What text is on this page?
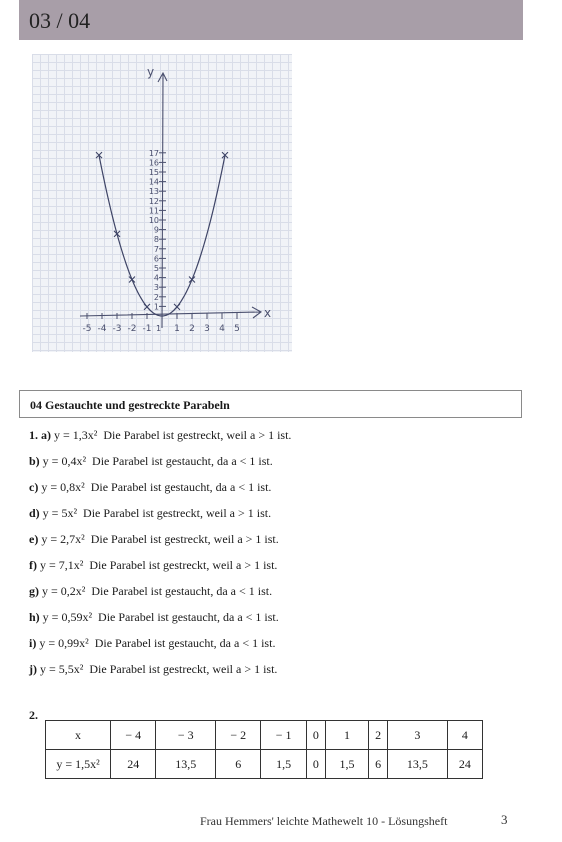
03 / 04
1
2
3
4
5
6
7
8
9
10
11
12
13
14
15
16
17
-5 -4 -3 -2 -1	1 2 3 4 5
y
x
1
04 Gestauchte und gestreckte Parabeln
1. a) y = 1,3x² Die Parabel ist gestreckt, weil a > 1 ist.
b) y = 0,4x² Die Parabel ist gestaucht, da a < 1 ist.
c) y = 0,8x² Die Parabel ist gestaucht, da a < 1 ist.
d) y = 5x² Die Parabel ist gestreckt, weil a > 1 ist.
e) y = 2,7x² Die Parabel ist gestreckt, weil a > 1 ist.
f) y = 7,1x² Die Parabel ist gestreckt, weil a > 1 ist.
g) y = 0,2x² Die Parabel ist gestaucht, da a < 1 ist.
h) y = 0,59x² Die Parabel ist gestaucht, da a < 1 ist.
i) y = 0,99x² Die Parabel ist gestaucht, da a < 1 ist.
j) y = 5,5x² Die Parabel ist gestreckt, weil a > 1 ist.
2.
x	− 4	− 3	− 2	− 1	0	1	2	3	4
y = 1,5x²	24	13,5	6	1,5	0	1,5	6	13,5	24
Frau Hemmers' leichte Mathewelt 10 - Lösungsheft	3
